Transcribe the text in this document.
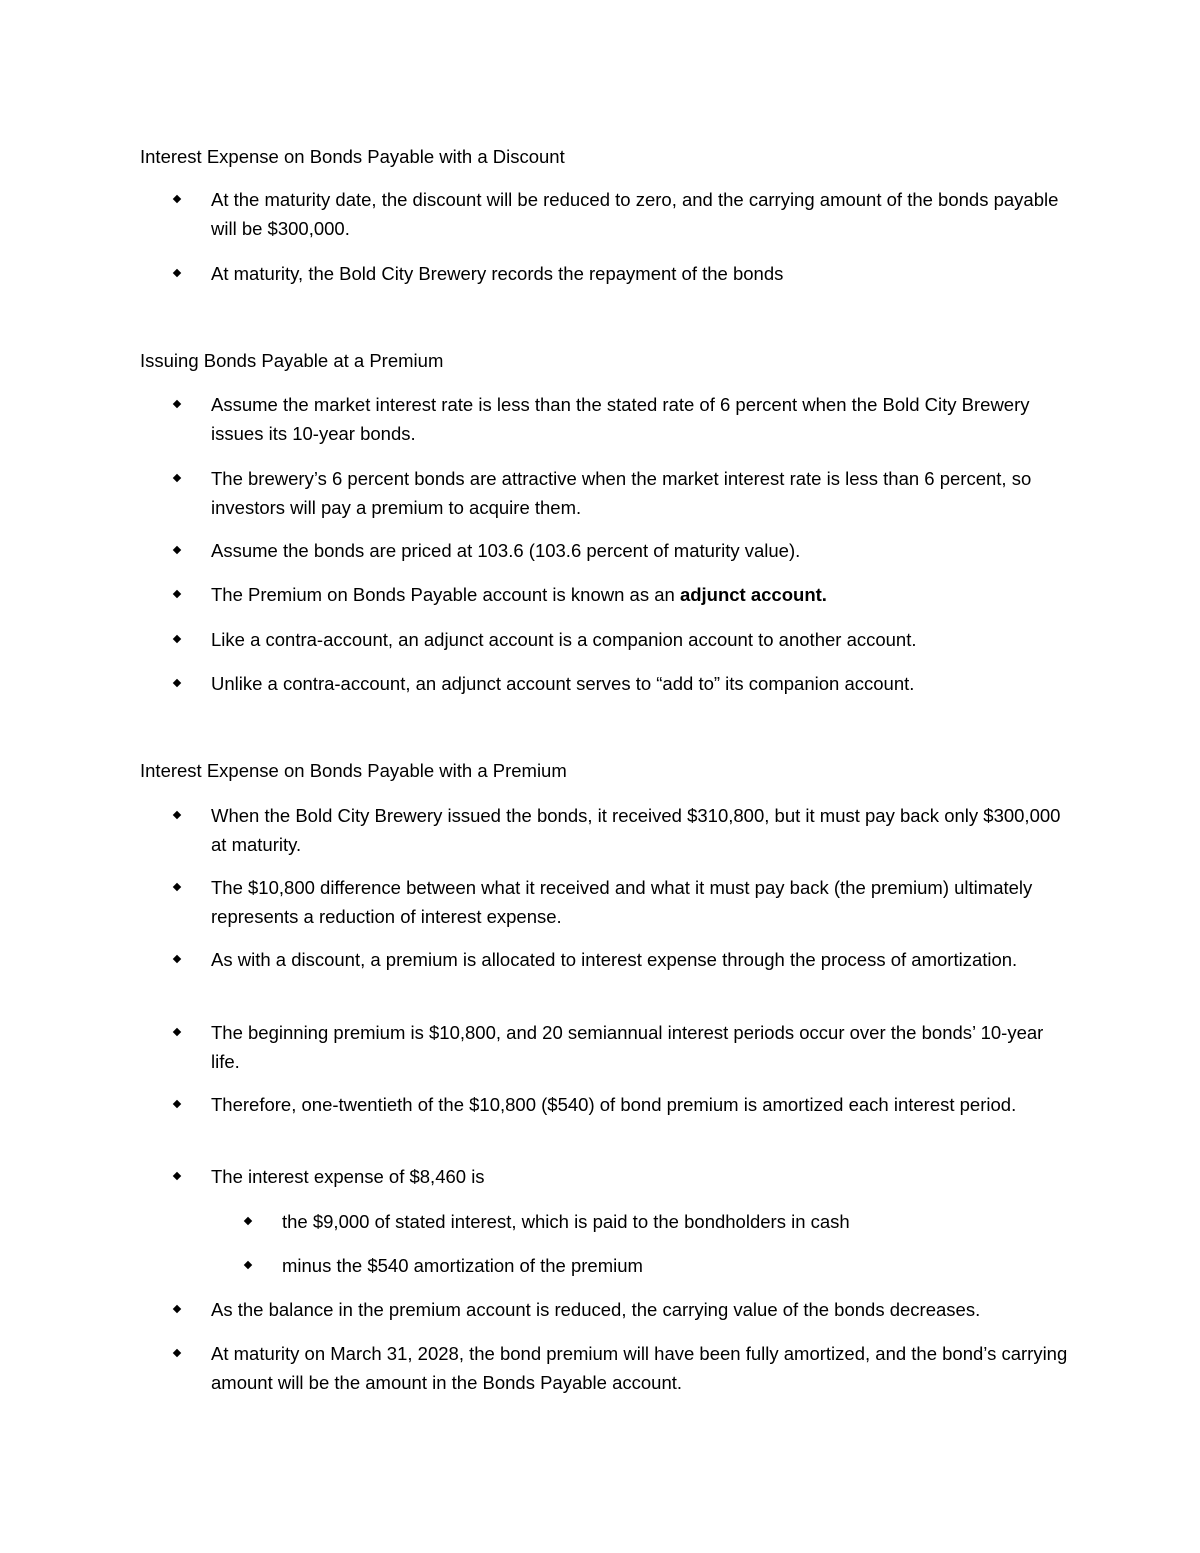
Interest Expense on Bonds Payable with a Discount
At the maturity date, the discount will be reduced to zero, and the carrying amount of the bonds payable will be $300,000.
At maturity, the Bold City Brewery records the repayment of the bonds
Issuing Bonds Payable at a Premium
Assume the market interest rate is less than the stated rate of 6 percent when the Bold City Brewery issues its 10-year bonds.
The brewery’s 6 percent bonds are attractive when the market interest rate is less than 6 percent, so investors will pay a premium to acquire them.
Assume the bonds are priced at 103.6 (103.6 percent of maturity value).
The Premium on Bonds Payable account is known as an adjunct account.
Like a contra-account, an adjunct account is a companion account to another account.
Unlike a contra-account, an adjunct account serves to “add to” its companion account.
Interest Expense on Bonds Payable with a Premium
When the Bold City Brewery issued the bonds, it received $310,800, but it must pay back only $300,000 at maturity.
The $10,800 difference between what it received and what it must pay back (the premium) ultimately represents a reduction of interest expense.
As with a discount, a premium is allocated to interest expense through the process of amortization.
The beginning premium is $10,800, and 20 semiannual interest periods occur over the bonds’ 10-year life.
Therefore, one-twentieth of the $10,800 ($540) of bond premium is amortized each interest period.
The interest expense of $8,460 is
the $9,000 of stated interest, which is paid to the bondholders in cash
minus the $540 amortization of the premium
As the balance in the premium account is reduced, the carrying value of the bonds decreases.
At maturity on March 31, 2028, the bond premium will have been fully amortized, and the bond’s carrying amount will be the amount in the Bonds Payable account.
